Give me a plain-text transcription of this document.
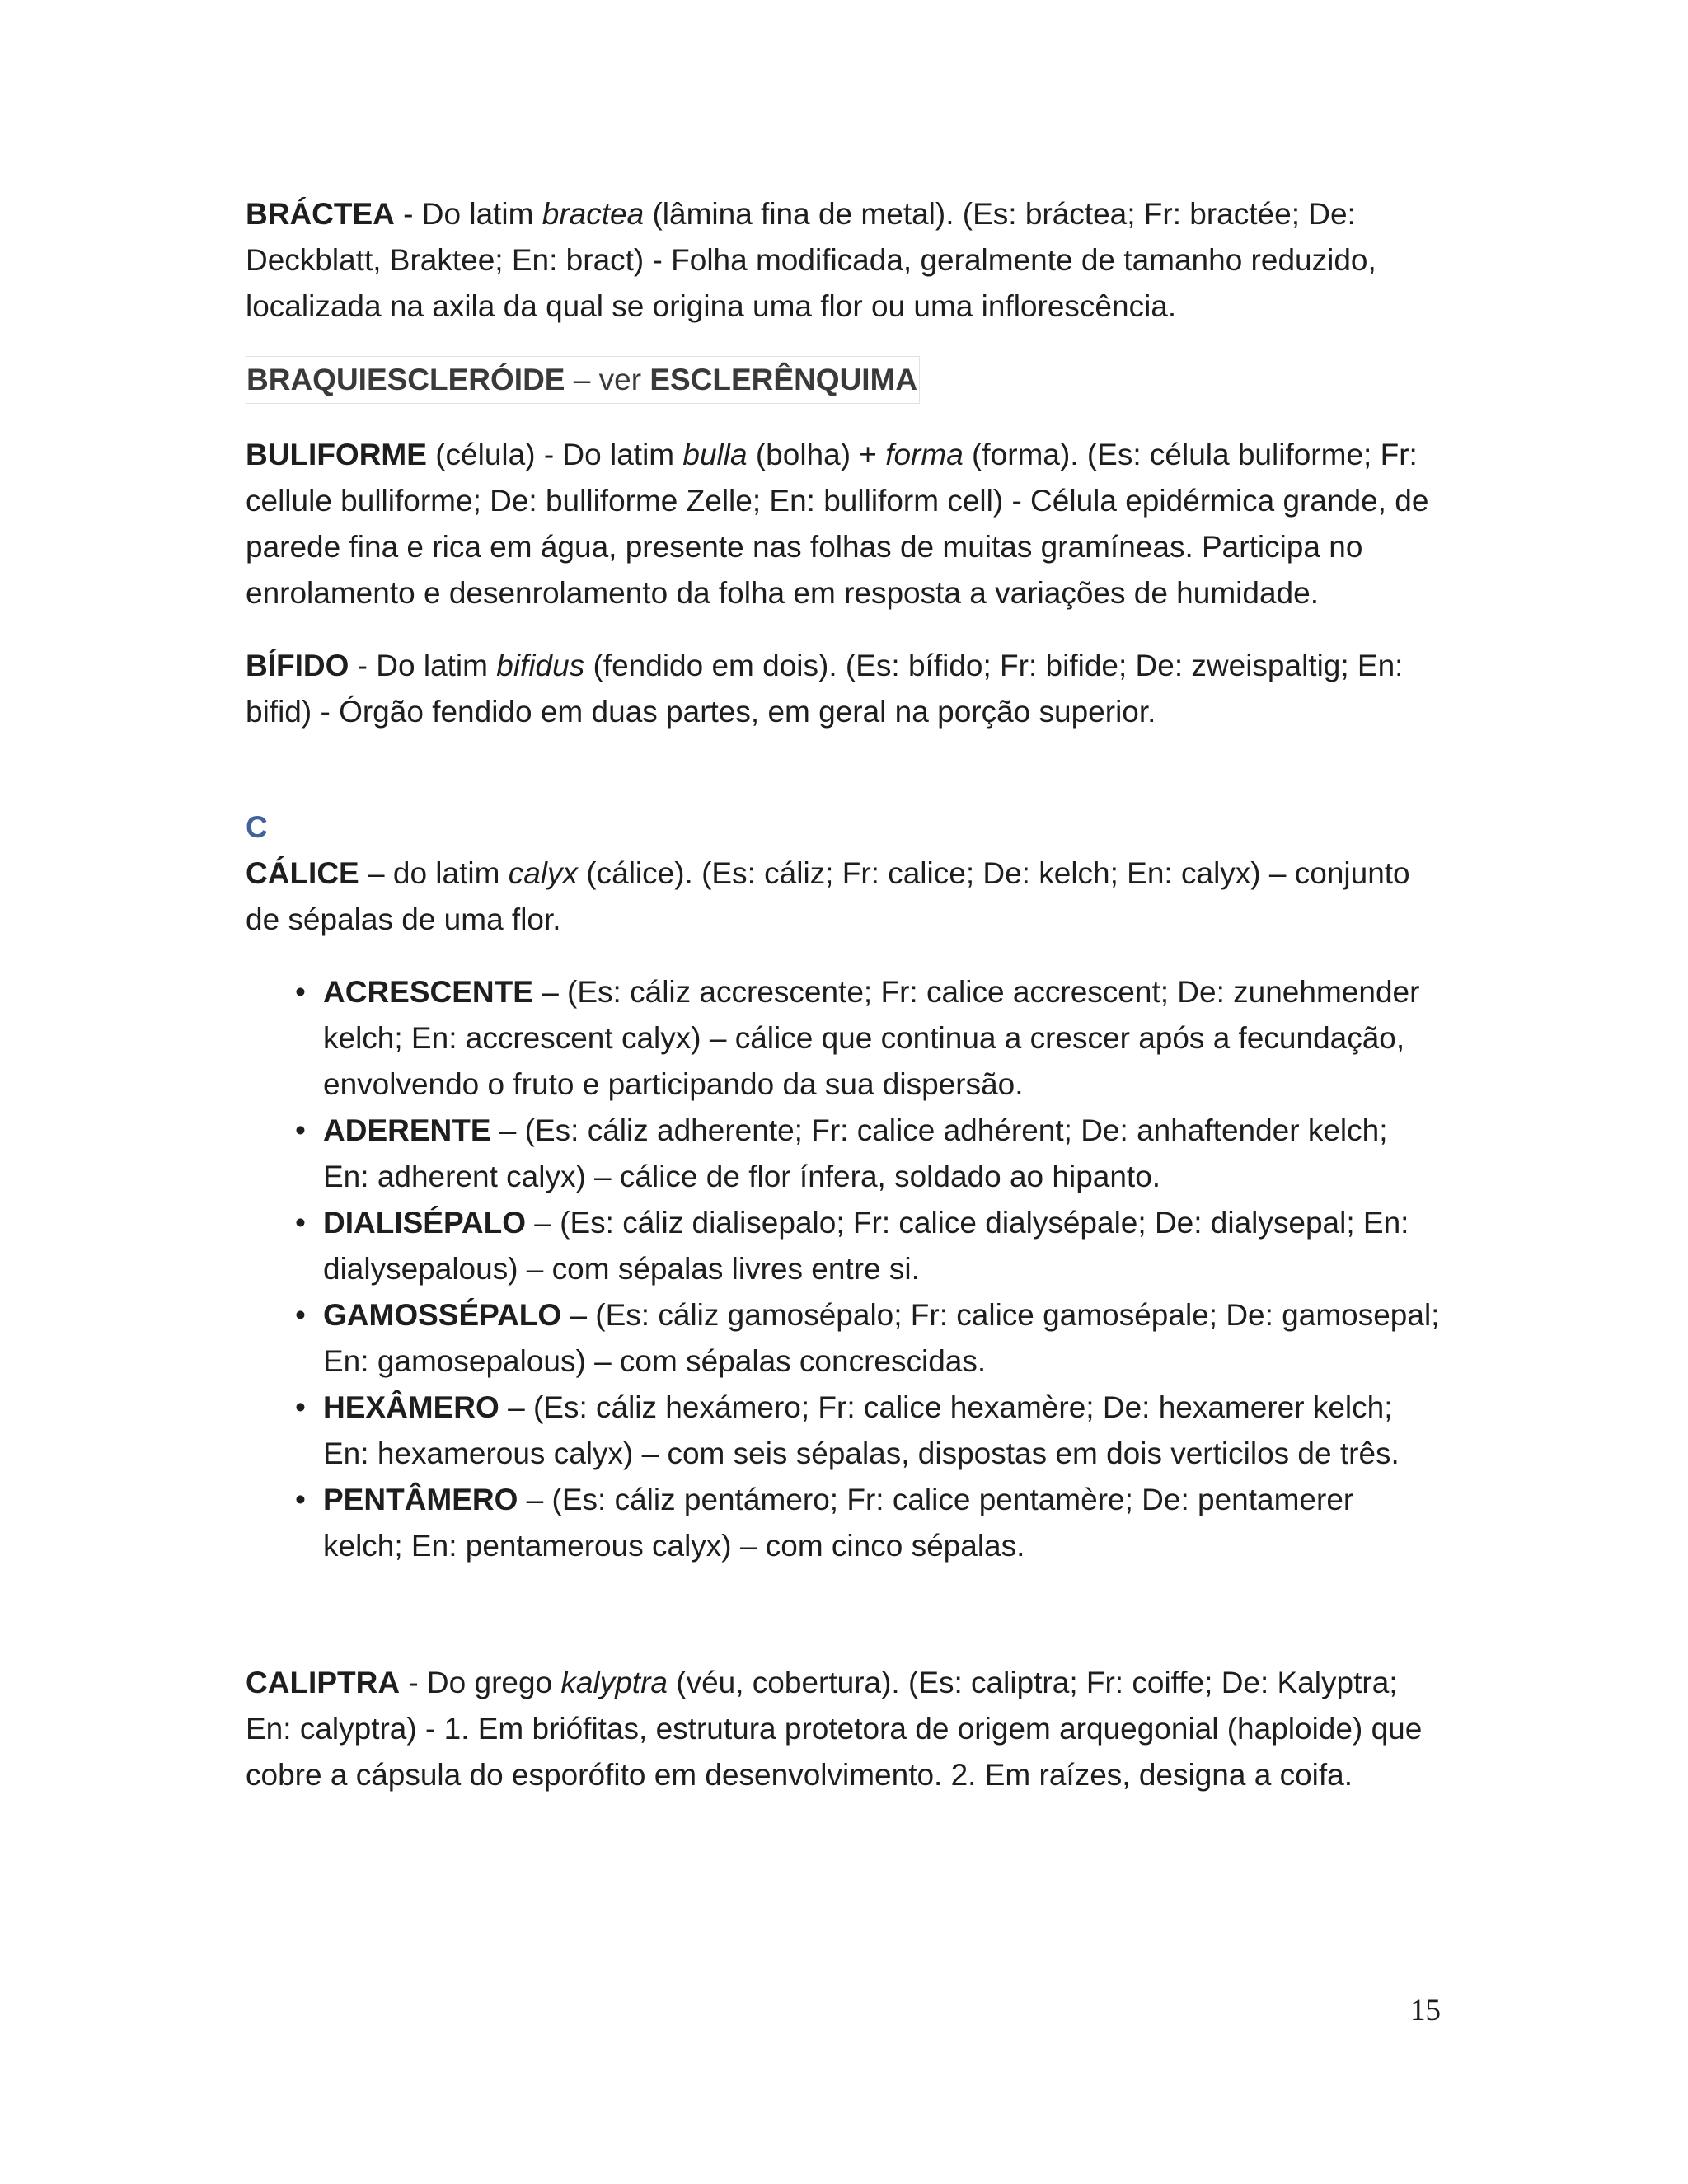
BRÁCTEA - Do latim bractea (lâmina fina de metal). (Es: bráctea; Fr: bractée; De: Deckblatt, Braktee; En: bract) - Folha modificada, geralmente de tamanho reduzido, localizada na axila da qual se origina uma flor ou uma inflorescência.

BRAQUIESCLERÓIDE – ver ESCLERÊNQUIMA

BULIFORME (célula) - Do latim bulla (bolha) + forma (forma). (Es: célula buliforme; Fr: cellule bulliforme; De: bulliforme Zelle; En: bulliform cell) - Célula epidérmica grande, de parede fina e rica em água, presente nas folhas de muitas gramíneas. Participa no enrolamento e desenrolamento da folha em resposta a variações de humidade.

BÍFIDO - Do latim bifidus (fendido em dois). (Es: bífido; Fr: bifide; De: zweispaltig; En: bifid) - Órgão fendido em duas partes, em geral na porção superior.

C

CÁLICE – do latim calyx (cálice). (Es: cáliz; Fr: calice; De: kelch; En: calyx) – conjunto de sépalas de uma flor.

• ACRESCENTE – (Es: cáliz accrescente; Fr: calice accrescent; De: zunehmender kelch; En: accrescent calyx) – cálice que continua a crescer após a fecundação, envolvendo o fruto e participando da sua dispersão.
• ADERENTE – (Es: cáliz adherente; Fr: calice adhérent; De: anhaftender kelch; En: adherent calyx) – cálice de flor ínfera, soldado ao hipanto.
• DIALISÉPALO – (Es: cáliz dialisepalo; Fr: calice dialysépale; De: dialysepal; En: dialysepalous) – com sépalas livres entre si.
• GAMOSSÉPALO – (Es: cáliz gamosépalo; Fr: calice gamosépale; De: gamosepal; En: gamosepalous) – com sépalas concrescidas.
• HEXÂMERO – (Es: cáliz hexámero; Fr: calice hexamère; De: hexamerer kelch; En: hexamerous calyx) – com seis sépalas, dispostas em dois verticilos de três.
• PENTÂMERO – (Es: cáliz pentámero; Fr: calice pentamère; De: pentamerer kelch; En: pentamerous calyx) – com cinco sépalas.

CALIPTRA - Do grego kalyptra (véu, cobertura). (Es: caliptra; Fr: coiffe; De: Kalyptra; En: calyptra) - 1. Em briófitas, estrutura protetora de origem arquegonial (haploide) que cobre a cápsula do esporófito em desenvolvimento. 2. Em raízes, designa a coifa.

15
